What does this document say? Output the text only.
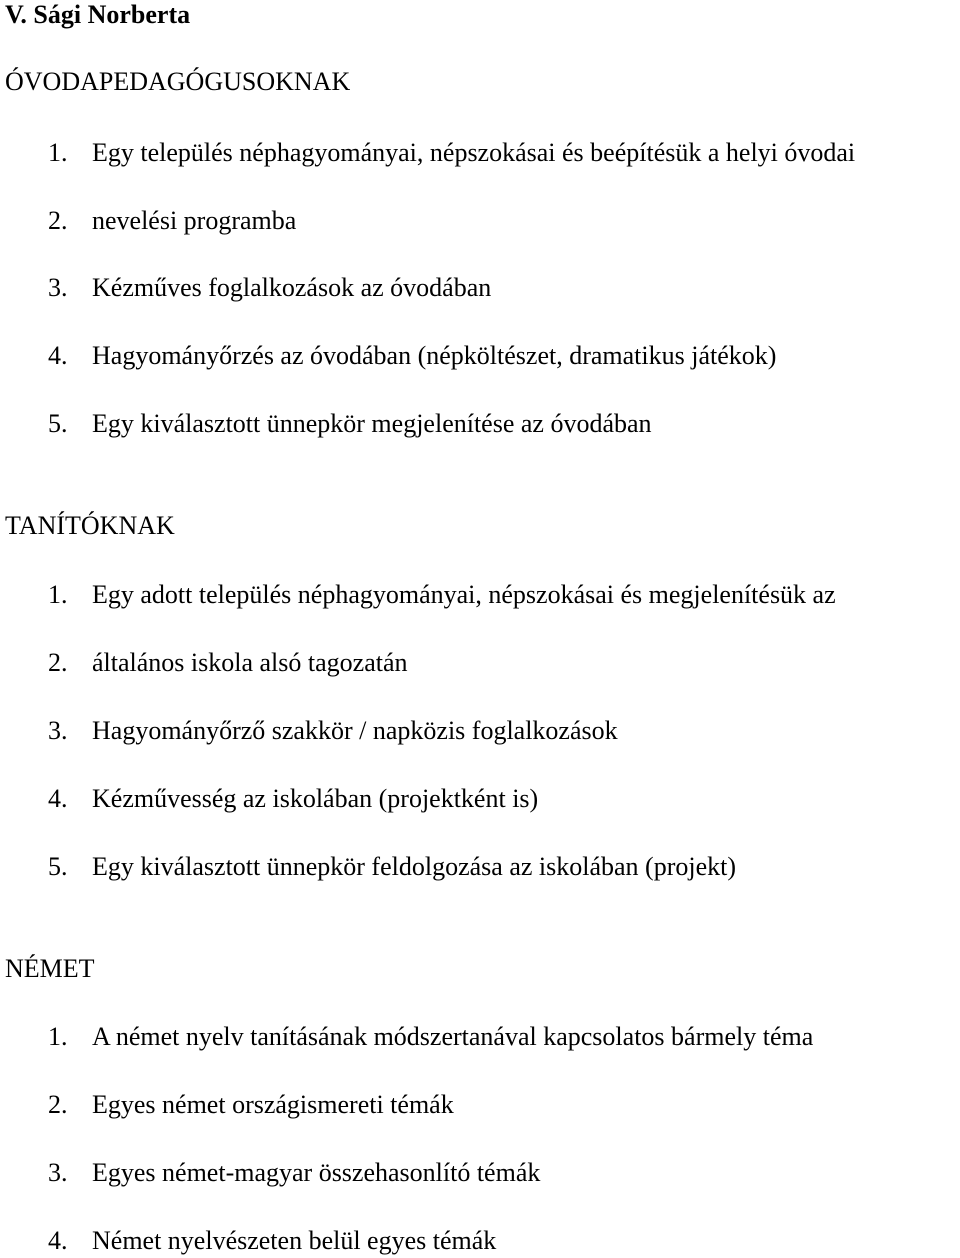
V. Sági Norberta
ÓVODAPEDAGÓGUSOKNAK
1. Egy település néphagyományai, népszokásai és beépítésük a helyi óvodai
2. nevelési programba
3. Kézműves foglalkozások az óvodában
4. Hagyományőrzés az óvodában (népköltészet, dramatikus játékok)
5. Egy kiválasztott ünnepkör megjelenítése az óvodában
TANÍTÓKNAK
1. Egy adott település néphagyományai, népszokásai és megjelenítésük az
2. általános iskola alsó tagozatán
3. Hagyományőrző szakkör / napközis foglalkozások
4. Kézművesség az iskolában (projektként is)
5. Egy kiválasztott ünnepkör feldolgozása az iskolában (projekt)
NÉMET
1. A német nyelv tanításának módszertanával kapcsolatos bármely téma
2. Egyes német országismereti témák
3. Egyes német-magyar összehasonlító témák
4. Német nyelvészeten belül egyes témák
